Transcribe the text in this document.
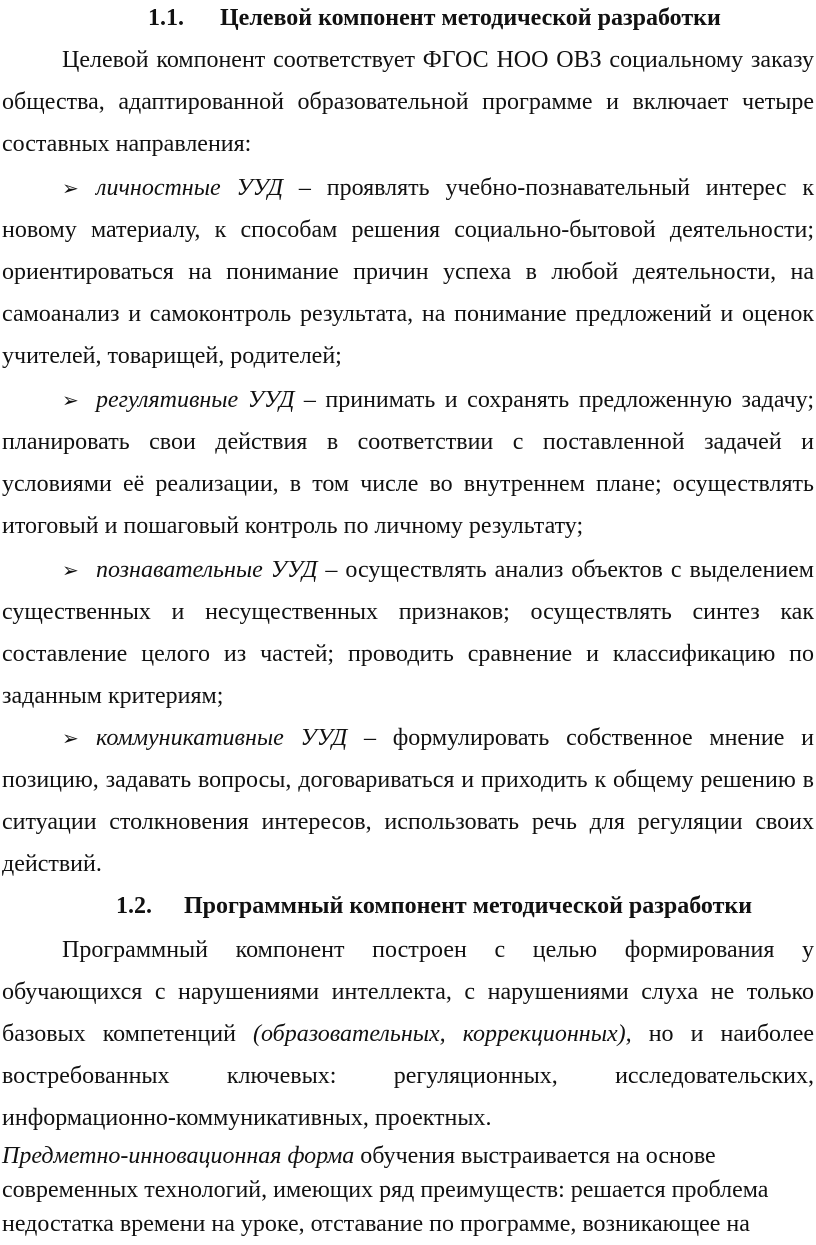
1.1. Целевой компонент методической разработки
Целевой компонент соответствует ФГОС НОО ОВЗ социальному заказу
общества, адаптированной образовательной программе и включает четыре
составных направления:
➢ личностные УУД – проявлять учебно-познавательный интерес к
новому материалу, к способам решения социально-бытовой деятельности;
ориентироваться на понимание причин успеха в любой деятельности, на
самоанализ и самоконтроль результата, на понимание предложений и оценок
учителей, товарищей, родителей;
➢ регулятивные УУД – принимать и сохранять предложенную задачу;
планировать свои действия в соответствии с поставленной задачей и
условиями её реализации, в том числе во внутреннем плане; осуществлять
итоговый и пошаговый контроль по личному результату;
➢ познавательные УУД – осуществлять анализ объектов с выделением
существенных и несущественных признаков; осуществлять синтез как
составление целого из частей; проводить сравнение и классификацию по
заданным критериям;
➢ коммуникативные УУД – формулировать собственное мнение и
позицию, задавать вопросы, договариваться и приходить к общему решению в
ситуации столкновения интересов, использовать речь для регуляции своих
действий.
1.2. Программный компонент методической разработки
Программный компонент построен с целью формирования у
обучающихся с нарушениями интеллекта, с нарушениями слуха не только
базовых компетенций (образовательных, коррекционных), но и наиболее
востребованных ключевых: регуляционных, исследовательских,
информационно-коммуникативных, проектных.
Предметно-инновационная форма обучения выстраивается на основе
современных технологий, имеющих ряд преимуществ: решается проблема
недостатка времени на уроке, отставание по программе, возникающее на
